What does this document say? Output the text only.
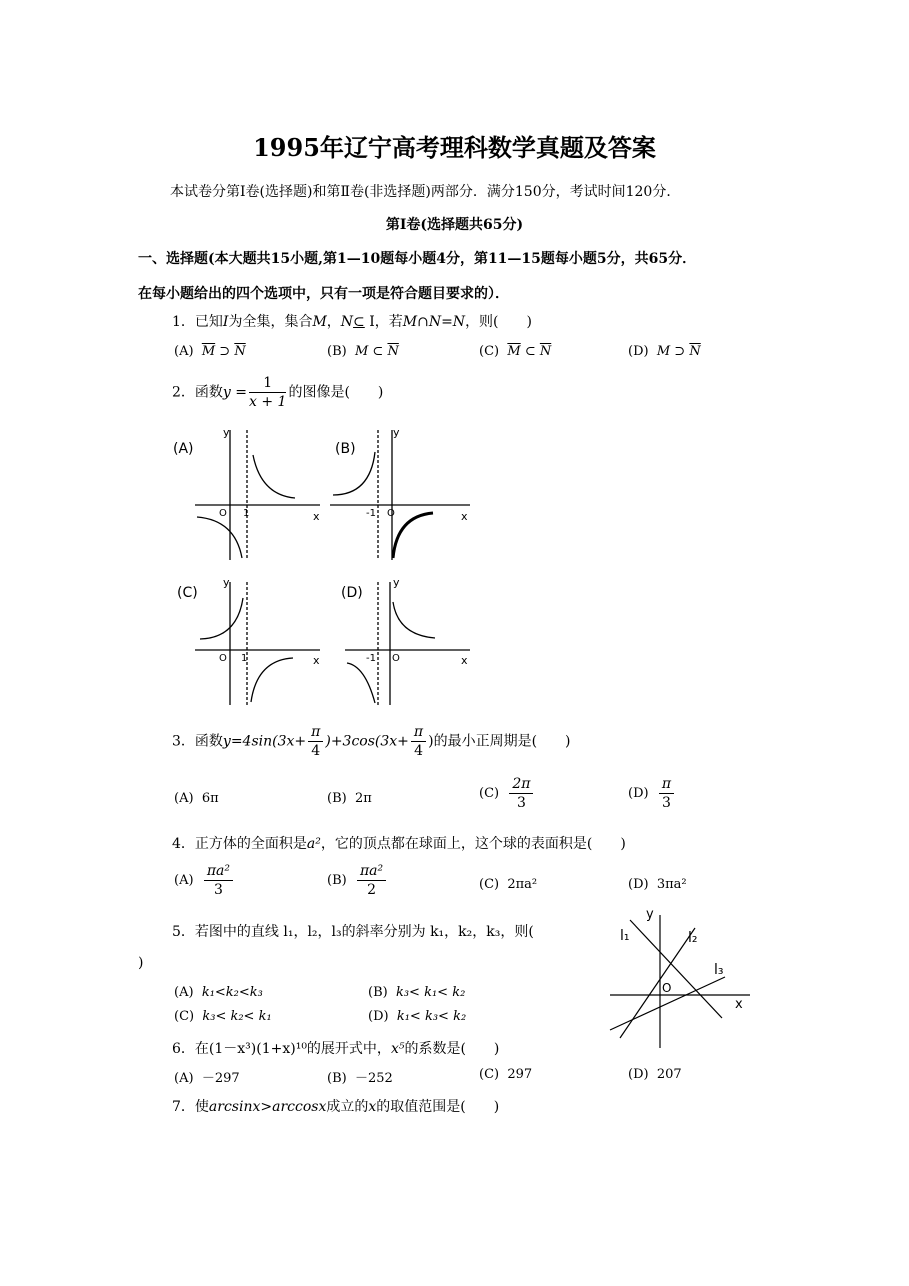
1995年辽宁高考理科数学真题及答案
本试卷分第Ⅰ卷(选择题)和第Ⅱ卷(非选择题)两部分．满分150分，考试时间120分．
第Ⅰ卷(选择题共65分)
一、选择题(本大题共15小题,第1—10题每小题4分，第11—15题每小题5分，共65分．
在每小题给出的四个选项中，只有一项是符合题目要求的）．
1．已知I为全集，集合M，N⊂ I，若M∩N=N，则(　　)
(A) $\overline{M}$ ⊃ $\overline{N}$	(B) M ⊂ $\overline{N}$	(C) $\overline{M}$ ⊂ $\overline{N}$	(D) M ⊃ $\overline{N}$
2．函数$y = \frac{1}{x + 1}$ 的图像是(　　)
(A)
y
x
O 1
(B)
y
x
O
-1
(C)
y
x
O 1
(D)
y
x
O
-1
3．函数$y=4\sin(3x+ \frac{\pi}{4} )+3\cos(3x+ \frac{\pi}{4}$ )的最小正周期是(　　)
(A) 6π	(B) 2π	$(C) \frac{2\pi}{3}$	$(D) \frac{\pi}{3}$
4．正方体的全面积是a²，它的顶点都在球面上，这个球的表面积是(　　)
$(A) \frac{\text{πa²}}{3}$	$(B) \frac{\text{πa²}}{2}$	(C) 2πa²	(D) 3πa²
5．若图中的直线 l₁，l₂，l₃的斜率分别为 k₁，k₂，k₃，则(
)
(A) k₁<k₂<k₃	(B) k₃< k₁< k₂
(C) k₃< k₂< k₁	(D) k₁< k₃< k₂
y
x
O
l₁	l₂
l₃
6．在(1－x³)(1+x)¹⁰的展开式中，x⁵的系数是(　　)
(A) －297	(B) －252	(C) 297	(D) 207
7．使arcsinx>arccosx成立的x的取值范围是(　　)
